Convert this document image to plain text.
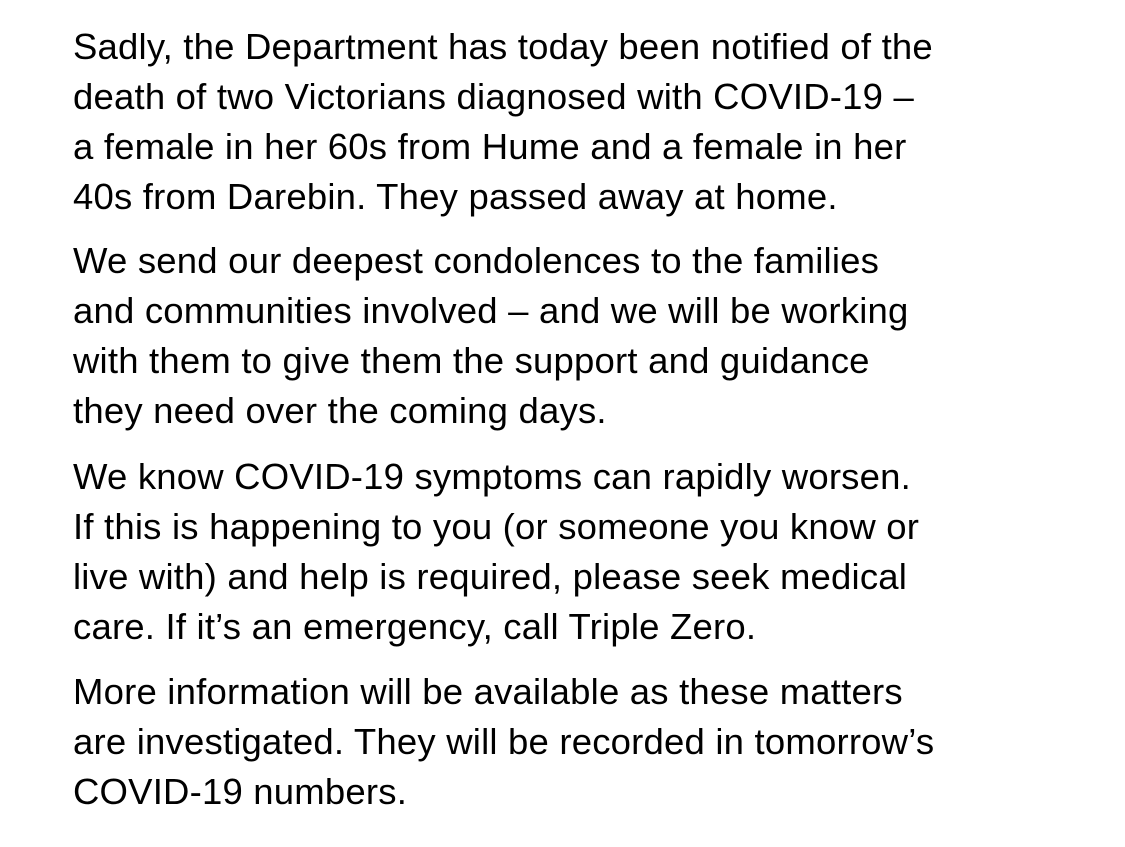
Sadly, the Department has today been notified of the
death of two Victorians diagnosed with COVID-19 –
a female in her 60s from Hume and a female in her
40s from Darebin. They passed away at home.

We send our deepest condolences to the families
and communities involved – and we will be working
with them to give them the support and guidance
they need over the coming days.

We know COVID-19 symptoms can rapidly worsen.
If this is happening to you (or someone you know or
live with) and help is required, please seek medical
care. If it’s an emergency, call Triple Zero.

More information will be available as these matters
are investigated. They will be recorded in tomorrow’s
COVID-19 numbers.
